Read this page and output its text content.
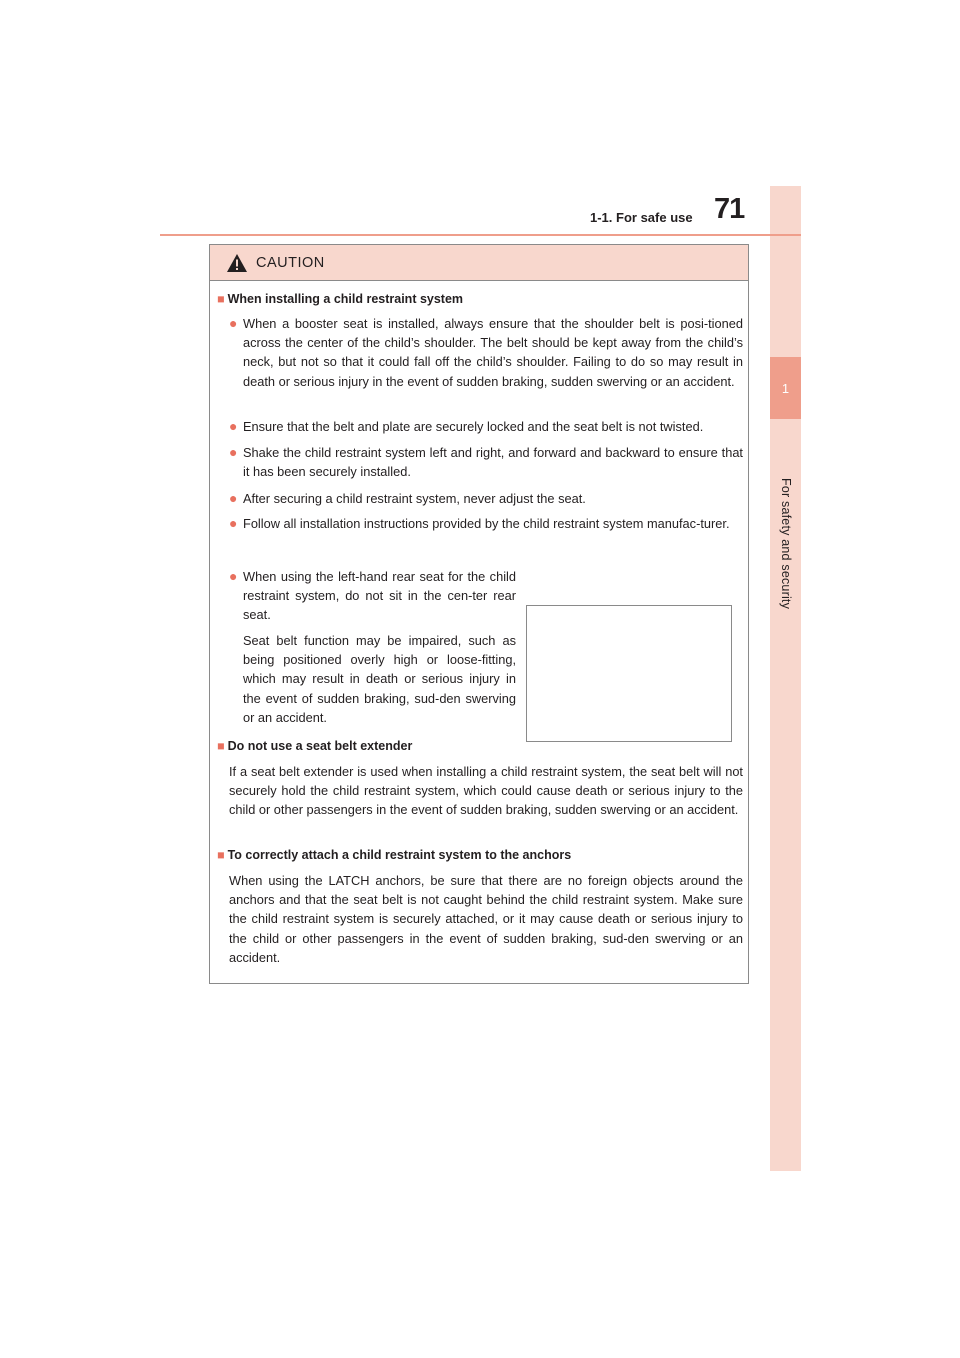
1
For safety and security
1-1. For safe use 71
CAUTION
■ When installing a child restraint system
● When a booster seat is installed, always ensure that the shoulder belt is posi-tioned across the center of the child’s shoulder. The belt should be kept away from the child’s neck, but not so that it could fall off the child’s shoulder. Failing to do so may result in death or serious injury in the event of sudden braking, sudden swerving or an accident.
● Ensure that the belt and plate are securely locked and the seat belt is not twisted.
● Shake the child restraint system left and right, and forward and backward to ensure that it has been securely installed.
● After securing a child restraint system, never adjust the seat.
● Follow all installation instructions provided by the child restraint system manufac-turer.
● When using the left-hand rear seat for the child restraint system, do not sit in the cen-ter rear seat.
Seat belt function may be impaired, such as being positioned overly high or loose-fitting, which may result in death or serious injury in the event of sudden braking, sud-den swerving or an accident.
■ Do not use a seat belt extender
If a seat belt extender is used when installing a child restraint system, the seat belt will not securely hold the child restraint system, which could cause death or serious injury to the child or other passengers in the event of sudden braking, sudden swerving or an accident.
■ To correctly attach a child restraint system to the anchors
When using the LATCH anchors, be sure that there are no foreign objects around the anchors and that the seat belt is not caught behind the child restraint system. Make sure the child restraint system is securely attached, or it may cause death or serious injury to the child or other passengers in the event of sudden braking, sud-den swerving or an accident.
